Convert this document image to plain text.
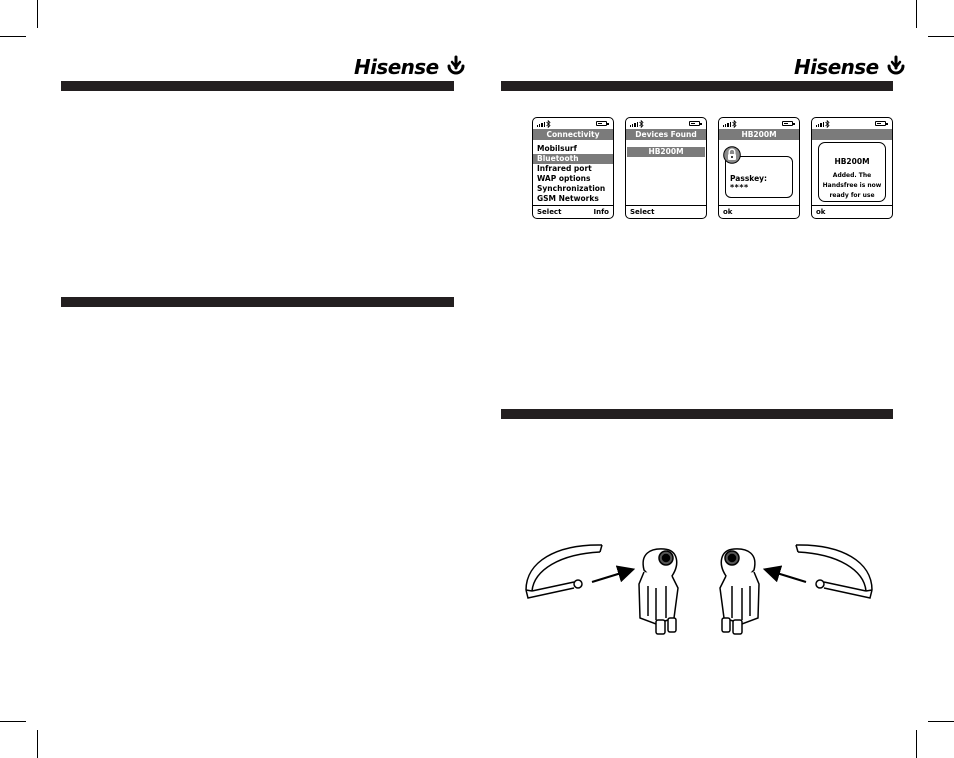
Hisense	Hisense
Connectivity
Mobilsurf
Bluetooth
Infrared port
WAP options
Synchronization
GSM Networks
Select	Info
Devices Found
HB200M
Select
HB200M
Passkey:
****
ok
HB200M
Added. The Handsfree is now ready for use
ok
